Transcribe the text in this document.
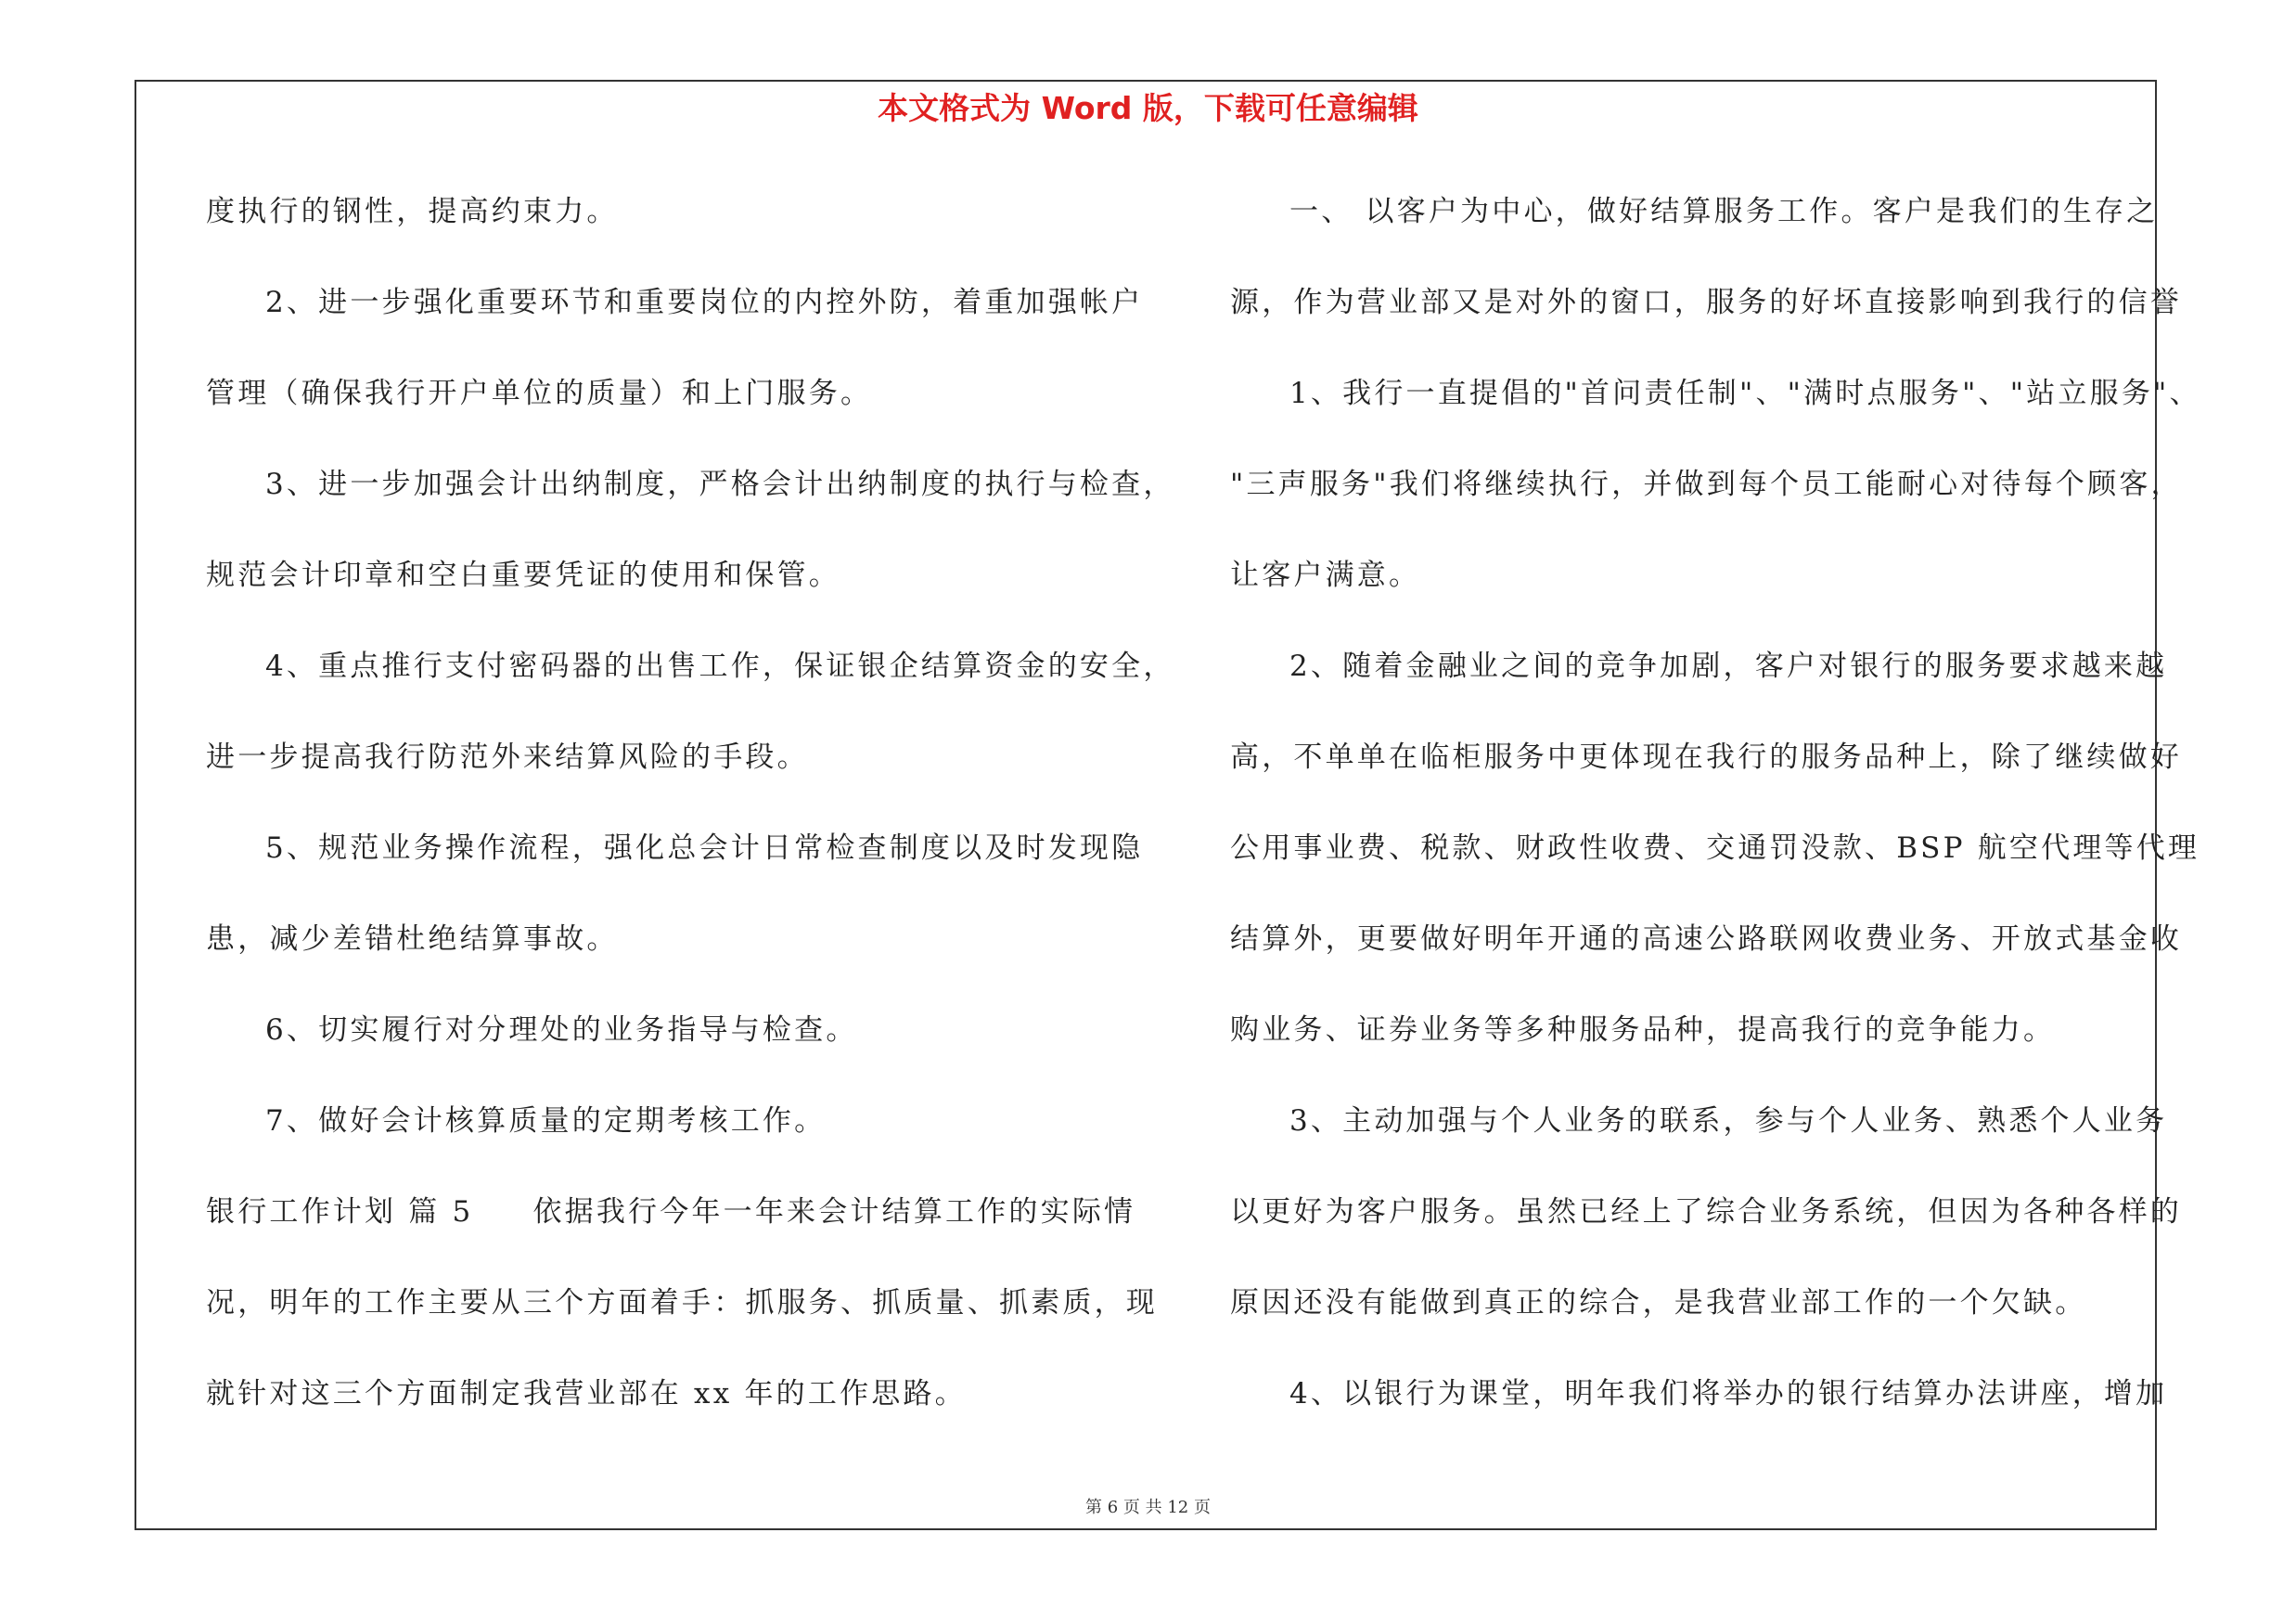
本文格式为 Word 版，下载可任意编辑
度执行的钢性，提高约束力。
2、进一步强化重要环节和重要岗位的内控外防，着重加强帐户
管理（确保我行开户单位的质量）和上门服务。
3、进一步加强会计出纳制度，严格会计出纳制度的执行与检查，
规范会计印章和空白重要凭证的使用和保管。
4、重点推行支付密码器的出售工作，保证银企结算资金的安全，
进一步提高我行防范外来结算风险的手段。
5、规范业务操作流程，强化总会计日常检查制度以及时发现隐
患，减少差错杜绝结算事故。
6、切实履行对分理处的业务指导与检查。
7、做好会计核算质量的定期考核工作。
银行工作计划 篇 5 依据我行今年一年来会计结算工作的实际情
况，明年的工作主要从三个方面着手：抓服务、抓质量、抓素质，现
就针对这三个方面制定我营业部在 xx 年的工作思路。
一、 以客户为中心，做好结算服务工作。客户是我们的生存之
源，作为营业部又是对外的窗口，服务的好坏直接影响到我行的信誉
1、我行一直提倡的"首问责任制"、"满时点服务"、"站立服务"、
"三声服务"我们将继续执行，并做到每个员工能耐心对待每个顾客，
让客户满意。
2、随着金融业之间的竞争加剧，客户对银行的服务要求越来越
高，不单单在临柜服务中更体现在我行的服务品种上，除了继续做好
公用事业费、税款、财政性收费、交通罚没款、BSP 航空代理等代理
结算外，更要做好明年开通的高速公路联网收费业务、开放式基金收
购业务、证券业务等多种服务品种，提高我行的竞争能力。
3、主动加强与个人业务的联系，参与个人业务、熟悉个人业务
以更好为客户服务。虽然已经上了综合业务系统，但因为各种各样的
原因还没有能做到真正的综合，是我营业部工作的一个欠缺。
4、以银行为课堂，明年我们将举办的银行结算办法讲座，增加
第 6 页 共 12 页
